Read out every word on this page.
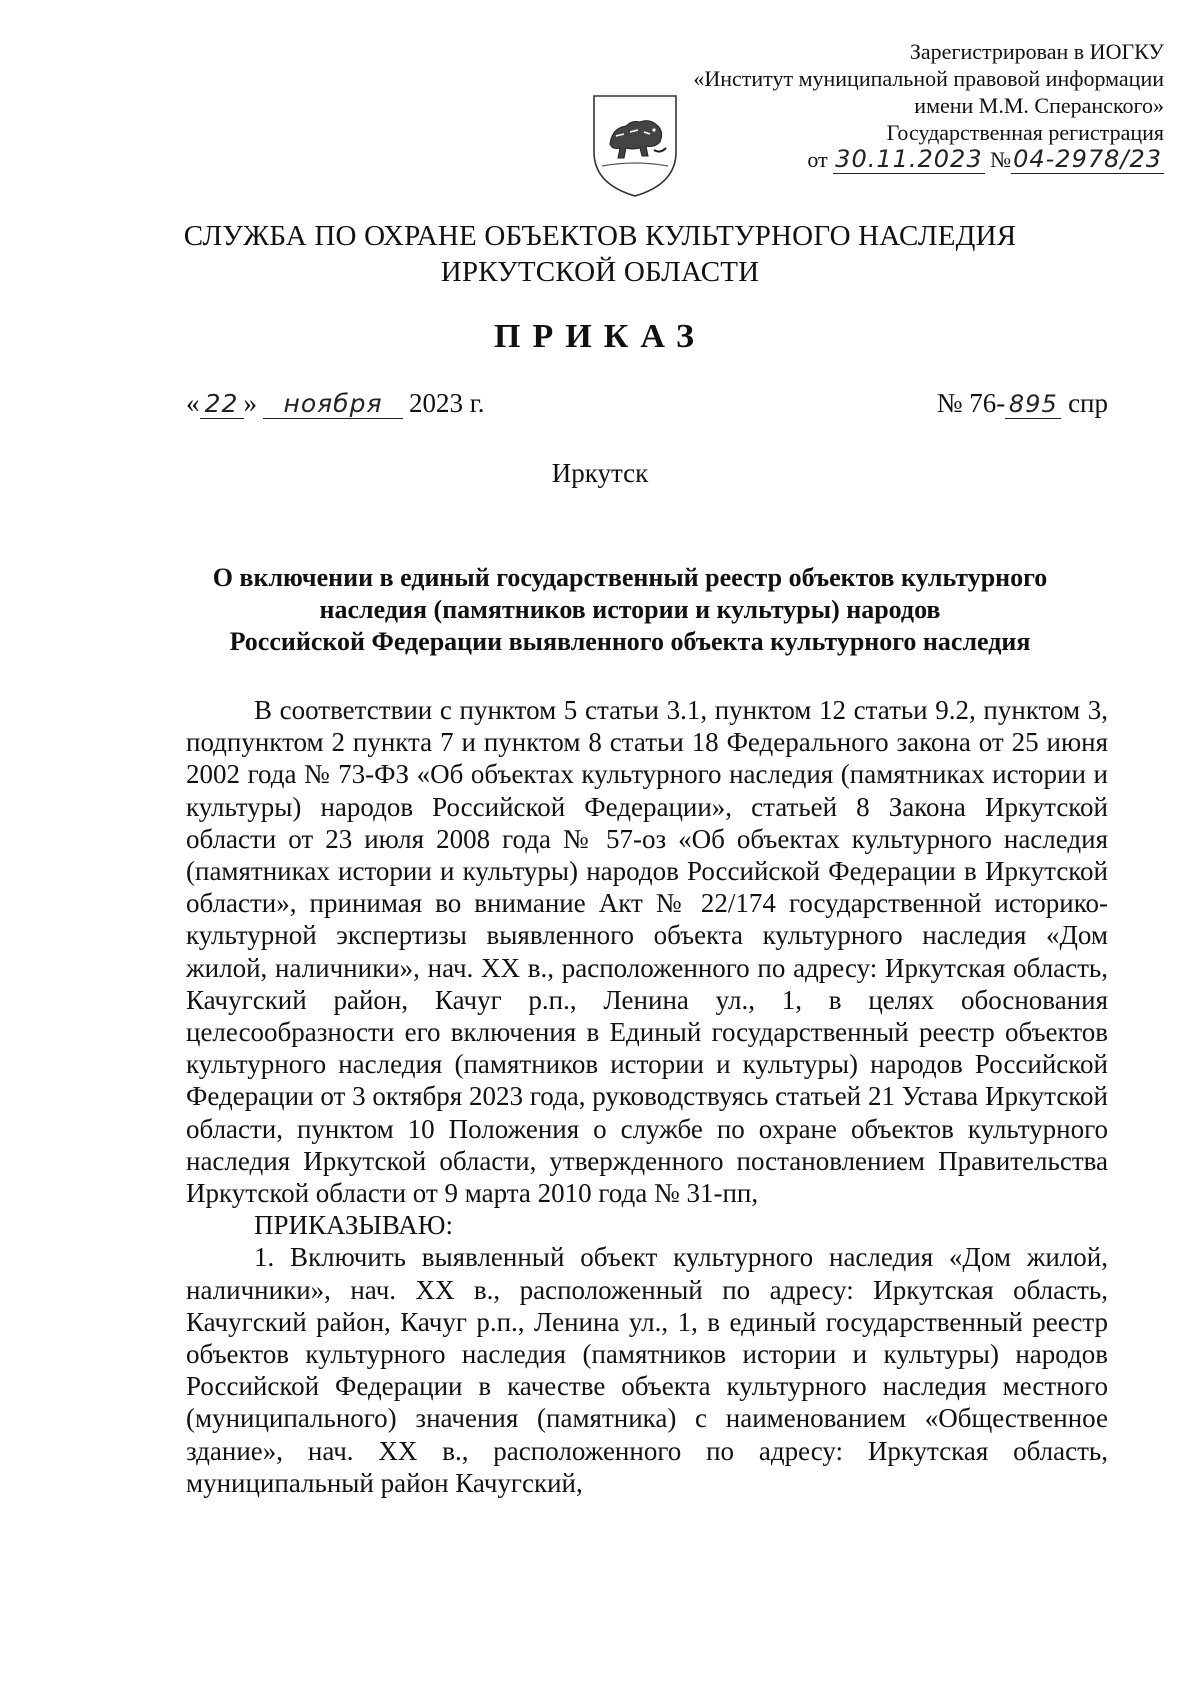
Зарегистрирован в ИОГКУ
«Институт муниципальной правовой информации
имени М.М. Сперанского»
Государственная регистрация
от 30.11.2023 №04-2978/23
СЛУЖБА ПО ОХРАНЕ ОБЪЕКТОВ КУЛЬТУРНОГО НАСЛЕДИЯ
ИРКУТСКОЙ ОБЛАСТИ
ПРИКАЗ
« 22 » ноября 2023 г.	№ 76- 895 спр
Иркутск
О включении в единый государственный реестр объектов культурного
наследия (памятников истории и культуры) народов
Российской Федерации выявленного объекта культурного наследия

В соответствии с пунктом 5 статьи 3.1, пунктом 12 статьи 9.2, пунктом 3, подпунктом 2 пункта 7 и пунктом 8 статьи 18 Федерального закона от 25 июня 2002 года № 73-ФЗ «Об объектах культурного наследия (памятниках истории и культуры) народов Российской Федерации», статьей 8 Закона Иркутской области от 23 июля 2008 года № 57-оз «Об объектах культурного наследия (памятниках истории и культуры) народов Российской Федерации в Иркутской области», принимая во внимание Акт № 22/174 государственной историко-культурной экспертизы выявленного объекта культурного наследия «Дом жилой, наличники», нач. XX в., расположенного по адресу: Иркутская область, Качугский район, Качуг р.п., Ленина ул., 1, в целях обоснования целесообразности его включения в Единый государственный реестр объектов культурного наследия (памятников истории и культуры) народов Российской Федерации от 3 октября 2023 года, руководствуясь статьей 21 Устава Иркутской области, пунктом 10 Положения о службе по охране объектов культурного наследия Иркутской области, утвержденного постановлением Правительства Иркутской области от 9 марта 2010 года № 31-пп,

ПРИКАЗЫВАЮ:

1. Включить выявленный объект культурного наследия «Дом жилой, наличники», нач. XX в., расположенный по адресу: Иркутская область, Качугский район, Качуг р.п., Ленина ул., 1, в единый государственный реестр объектов культурного наследия (памятников истории и культуры) народов Российской Федерации в качестве объекта культурного наследия местного (муниципального) значения (памятника) с наименованием «Общественное здание», нач. XX в., расположенного по адресу: Иркутская область, муниципальный район Качугский,
